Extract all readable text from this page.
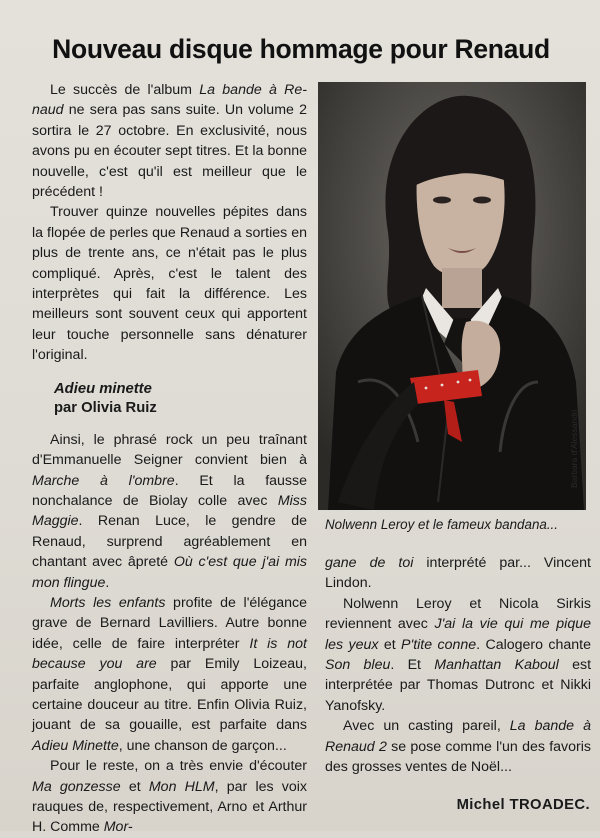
Nouveau disque hommage pour Renaud

Le succès de l'album La bande à Re-naud ne sera pas sans suite. Un volume 2 sortira le 27 octobre. En exclusivité, nous avons pu en écouter sept titres. Et la bonne nouvelle, c'est qu'il est meilleur que le précédent !

Trouver quinze nouvelles pépites dans la flopée de perles que Renaud a sorties en plus de trente ans, ce n'était pas le plus compliqué. Après, c'est le talent des interprètes qui fait la différence. Les meilleurs sont souvent ceux qui apportent leur touche personnelle sans dénaturer l'original.

Adieu minette
par Olivia Ruiz

Ainsi, le phrasé rock un peu traînant d'Emmanuelle Seigner convient bien à Marche à l'ombre. Et la fausse nonchalance de Biolay colle avec Miss Maggie. Renan Luce, le gendre de Renaud, surprend agréablement en chantant avec âpreté Où c'est que j'ai mis mon flingue.

Morts les enfants profite de l'élégance grave de Bernard Lavilliers. Autre bonne idée, celle de faire interpréter It is not because you are par Emily Loizeau, parfaite anglophone, qui apporte une certaine douceur au titre. Enfin Olivia Ruiz, jouant de sa gouaille, est parfaite dans Adieu Minette, une chanson de garçon...

Pour le reste, on a très envie d'écouter Ma gonzesse et Mon HLM, par les voix rauques de, respectivement, Arno et Arthur H. Comme Mor-

Barbara d'Alessandri
Nolwenn Leroy et le fameux bandana...

gane de toi interprété par... Vincent Lindon.

Nolwenn Leroy et Nicola Sirkis reviennent avec J'ai la vie qui me pique les yeux et P'tite conne. Calogero chante Son bleu. Et Manhattan Kaboul est interprétée par Thomas Dutronc et Nikki Yanofsky.

Avec un casting pareil, La bande à Renaud 2 se pose comme l'un des favoris des grosses ventes de Noël...

Michel TROADEC.
